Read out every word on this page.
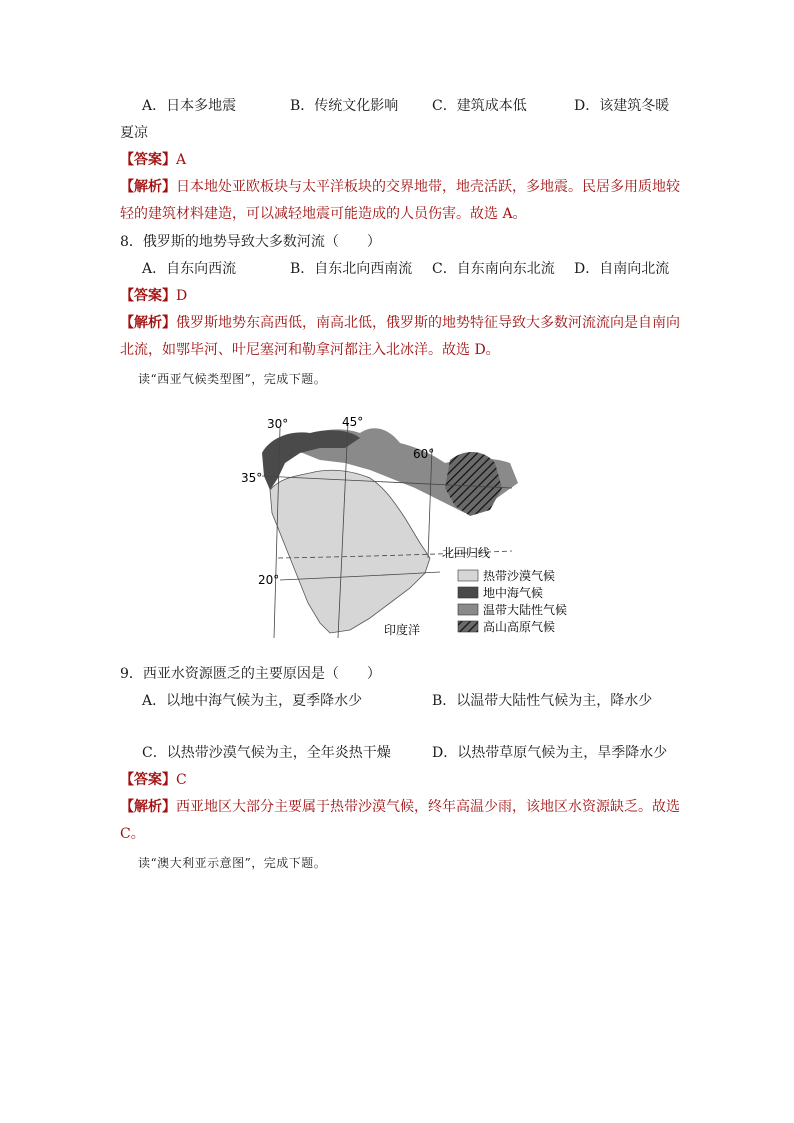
A．日本多地震	B．传统文化影响 C．建筑成本低	D．该建筑冬暖
夏凉
【答案】A
【解析】日本地处亚欧板块与太平洋板块的交界地带，地壳活跃，多地震。民居多用质地较
轻的建筑材料建造，可以减轻地震可能造成的人员伤害。故选 A。
8．俄罗斯的地势导致大多数河流（　　）
A．自东向西流	B．自东北向西南流 C．自东南向东北流 D．自南向北流
【答案】D
【解析】俄罗斯地势东高西低，南高北低，俄罗斯的地势特征导致大多数河流流向是自南向
北流，如鄂毕河、叶尼塞河和勒拿河都注入北冰洋。故选 D。
读“西亚气候类型图”，完成下题。
30°	45°
60°
35°
20°
北回归线
印度洋
热带沙漠气候
地中海气候
温带大陆性气候
高山高原气候
9．西亚水资源匮乏的主要原因是（　　）
A．以地中海气候为主，夏季降水少	B．以温带大陆性气候为主，降水少
C．以热带沙漠气候为主，全年炎热干燥	D．以热带草原气候为主，旱季降水少
【答案】C
【解析】西亚地区大部分主要属于热带沙漠气候，终年高温少雨，该地区水资源缺乏。故选
C。
读“澳大利亚示意图”，完成下题。
